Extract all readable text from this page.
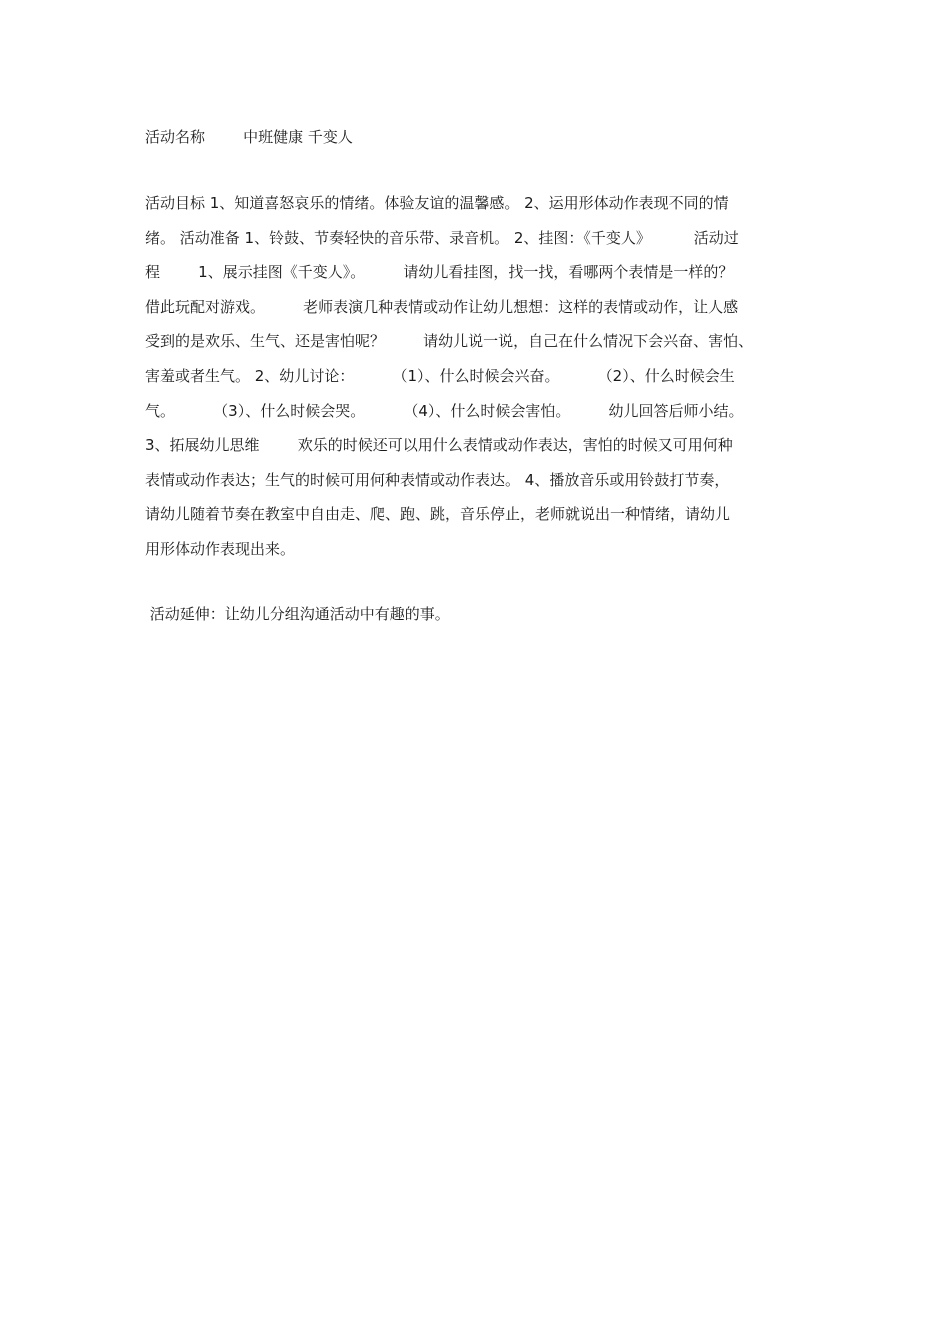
活动名称        中班健康 千变人

活动目标 1、知道喜怒哀乐的情绪。体验友谊的温馨感。 2、运用形体动作表现不同的情
绪。 活动准备 1、铃鼓、节奏轻快的音乐带、录音机。 2、挂图：《千变人》         活动过
程        1、展示挂图《千变人》。        请幼儿看挂图，找一找，看哪两个表情是一样的？
借此玩配对游戏。        老师表演几种表情或动作让幼儿想想：这样的表情或动作，让人感
受到的是欢乐、生气、还是害怕呢？        请幼儿说一说，自己在什么情况下会兴奋、害怕、
害羞或者生气。 2、幼儿讨论：        （1）、什么时候会兴奋。        （2）、什么时候会生
气。        （3）、什么时候会哭。        （4）、什么时候会害怕。        幼儿回答后师小结。
3、拓展幼儿思维        欢乐的时候还可以用什么表情或动作表达，害怕的时候又可用何种
表情或动作表达；生气的时候可用何种表情或动作表达。 4、播放音乐或用铃鼓打节奏，
请幼儿随着节奏在教室中自由走、爬、跑、跳，音乐停止，老师就说出一种情绪，请幼儿
用形体动作表现出来。

活动延伸：让幼儿分组沟通活动中有趣的事。
